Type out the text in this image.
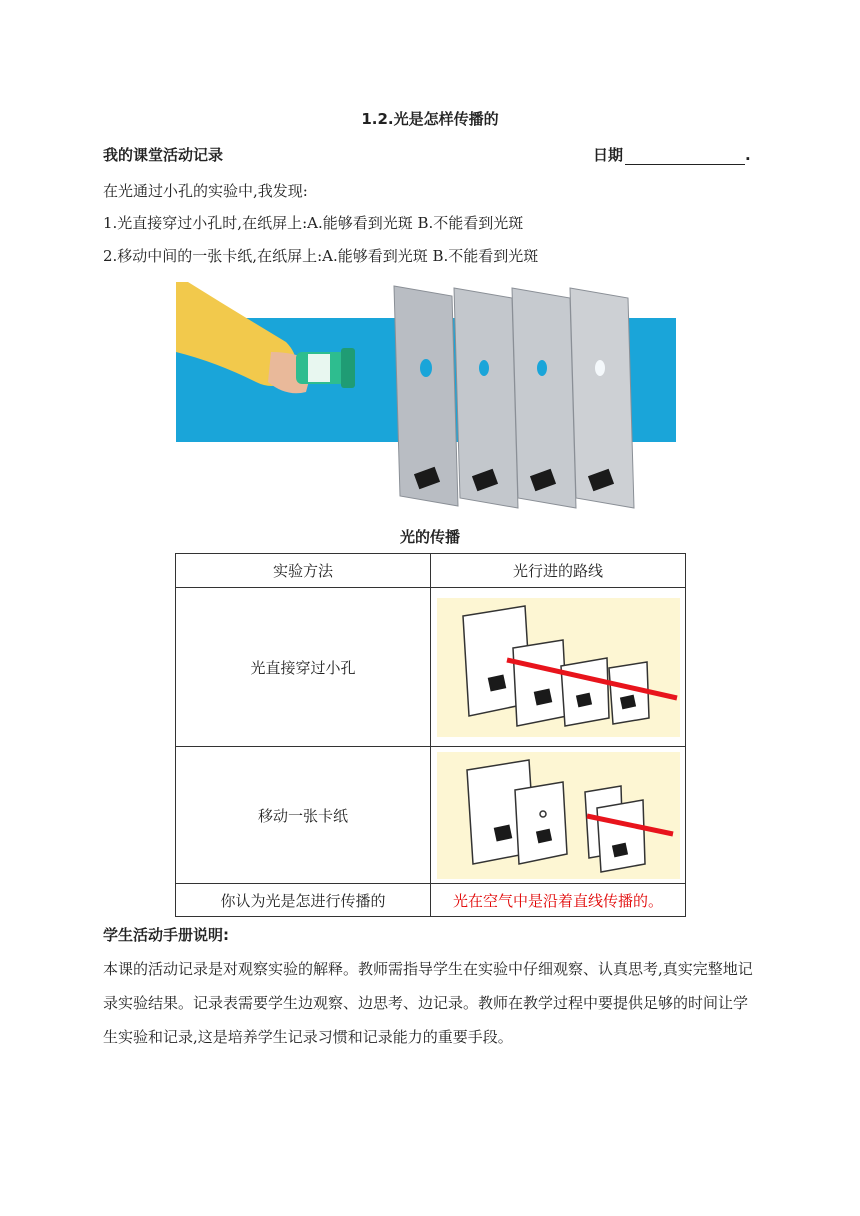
1.2.光是怎样传播的
我的课堂活动记录	日期	.
在光通过小孔的实验中,我发现:
1.光直接穿过小孔时,在纸屏上:A.能够看到光斑 B.不能看到光斑
2.移动中间的一张卡纸,在纸屏上:A.能够看到光斑 B.不能看到光斑
光的传播
实验方法	光行进的路线
光直接穿过小孔	

移动一张卡纸	

你认为光是怎进行传播的	光在空气中是沿着直线传播的。
学生活动手册说明:
本课的活动记录是对观察实验的解释。教师需指导学生在实验中仔细观察、认真思考,真实完整地记录实验结果。记录表需要学生边观察、边思考、边记录。教师在教学过程中要提供足够的时间让学生实验和记录,这是培养学生记录习惯和记录能力的重要手段。
